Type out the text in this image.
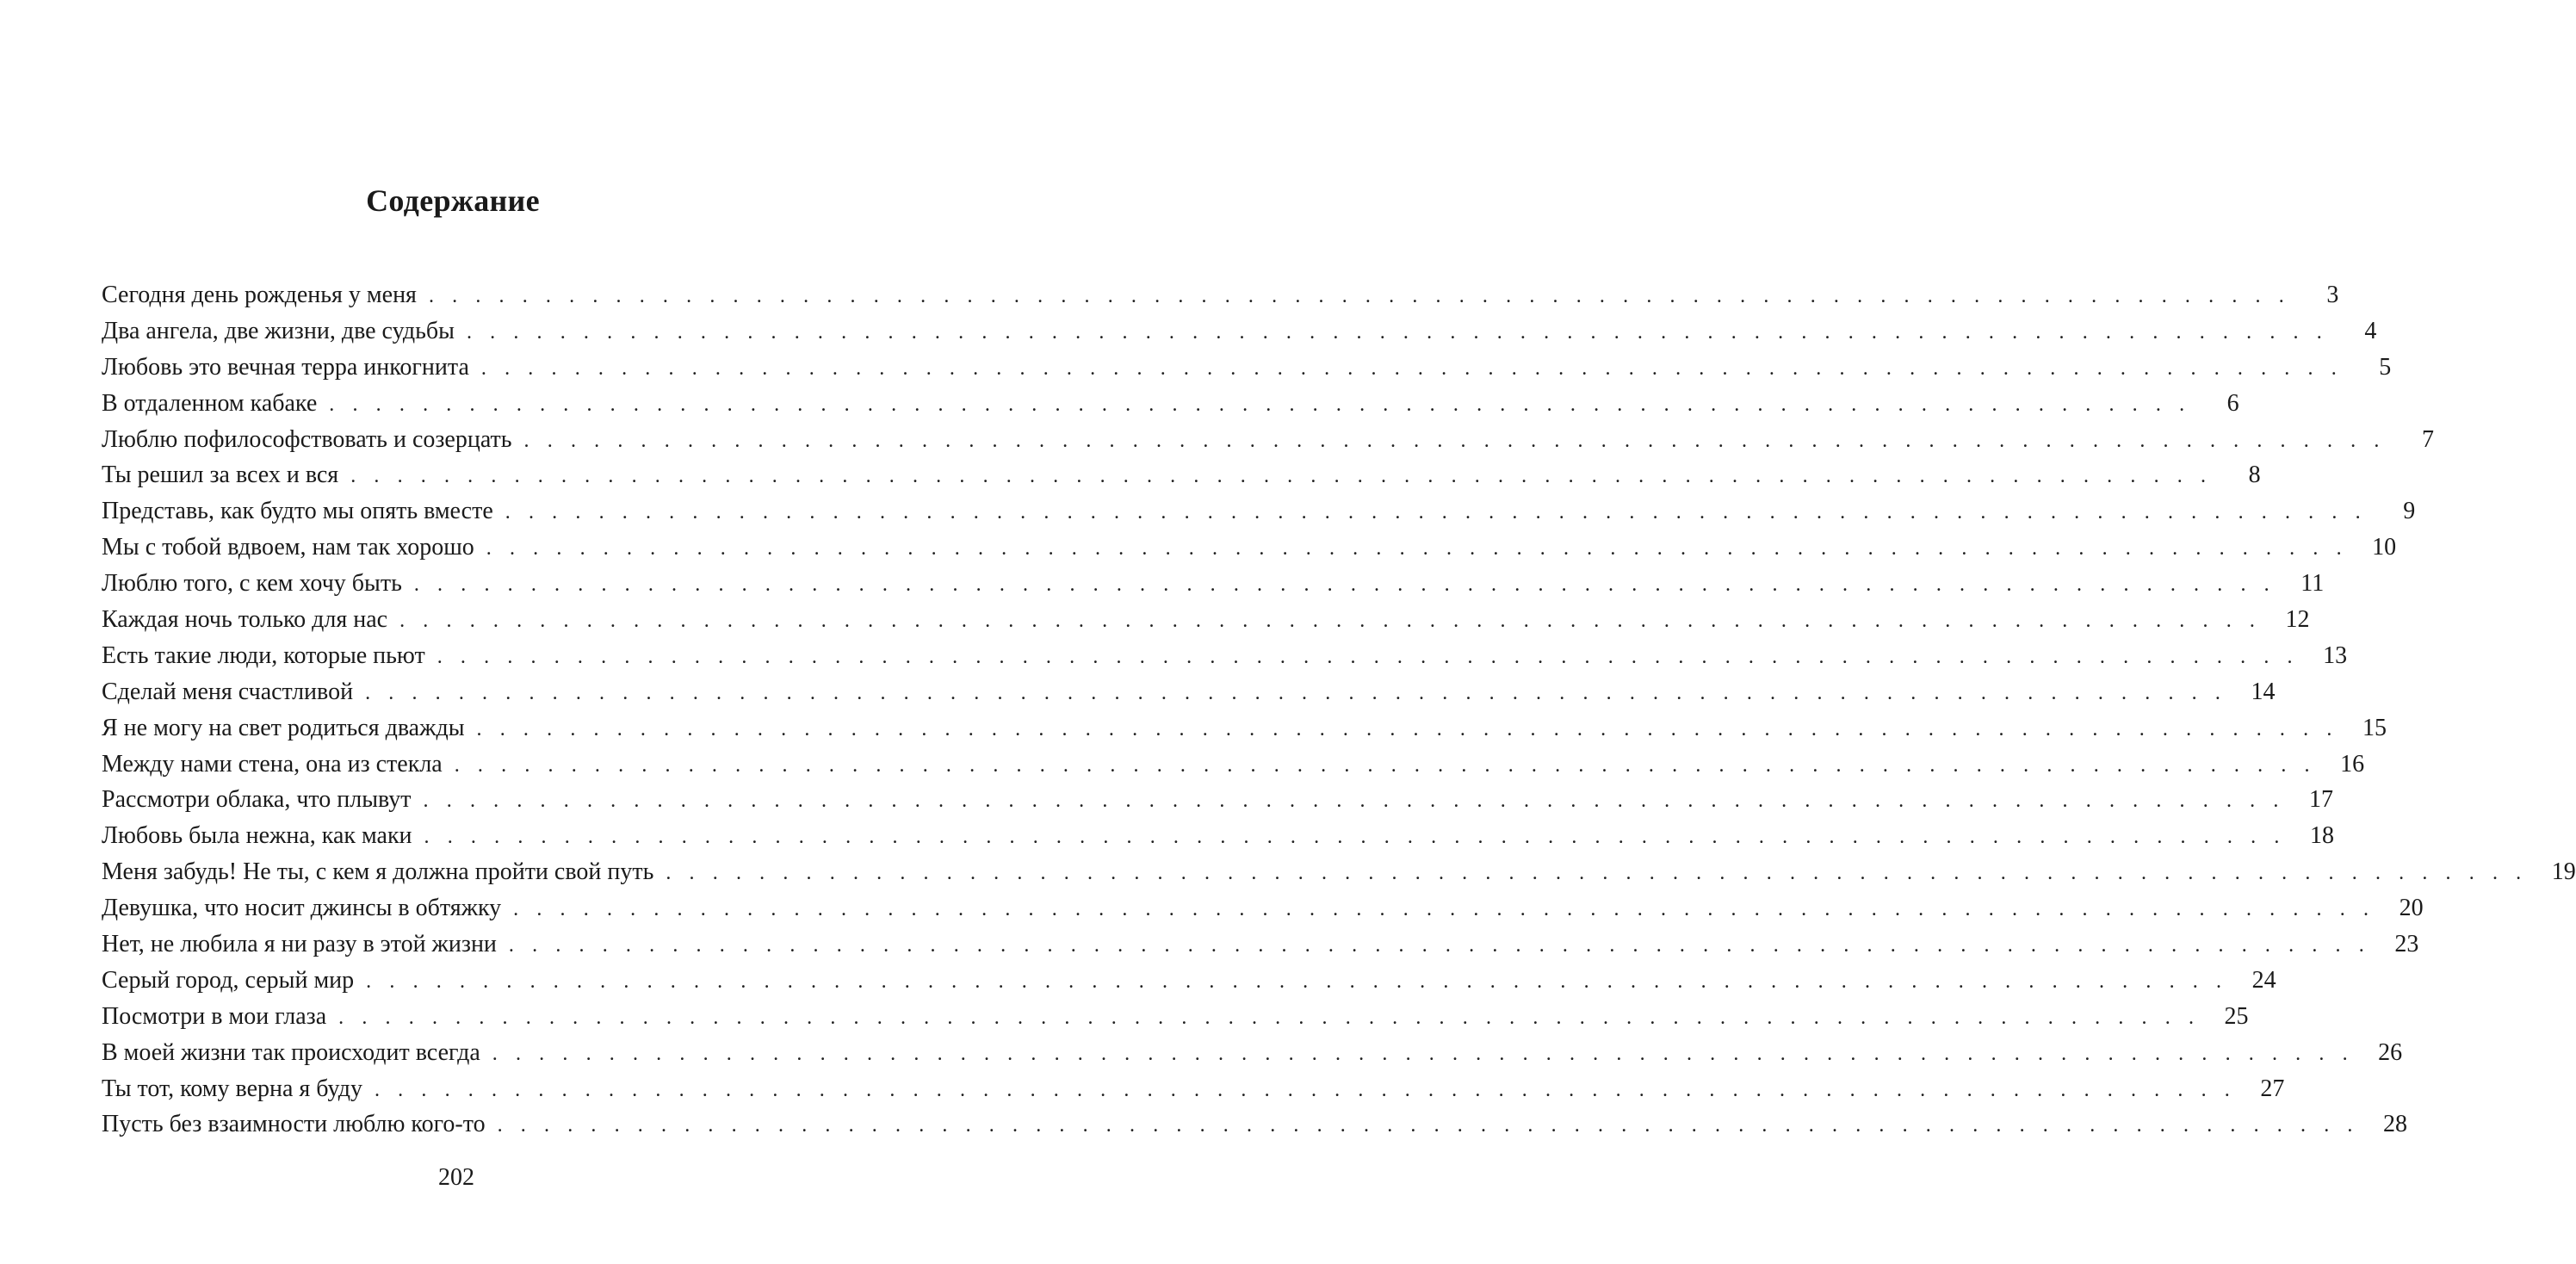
Содержание
Сегодня день рожденья у меня . . . . . . . . . . . . . . . . . . . . . . . . . . . . . . . . . . . . . . . . . . . . . . . . . . . . . . . . . . . . . . . . . . . . . . . . . . . . . . . .	3
Два ангела, две жизни, две судьбы . . . . . . . . . . . . . . . . . . . . . . . . . . . . . . . . . . . . . . . . . . . . . . . . . . . . . . . . . . . . . . . . . . . . . . . . . . . . . . . .	4
Любовь это вечная терра инкогнита . . . . . . . . . . . . . . . . . . . . . . . . . . . . . . . . . . . . . . . . . . . . . . . . . . . . . . . . . . . . . . . . . . . . . . . . . . . . . . . .	5
В отдаленном кабаке . . . . . . . . . . . . . . . . . . . . . . . . . . . . . . . . . . . . . . . . . . . . . . . . . . . . . . . . . . . . . . . . . . . . . . . . . . . . . . . .	6
Люблю пофилософствовать и созерцать . . . . . . . . . . . . . . . . . . . . . . . . . . . . . . . . . . . . . . . . . . . . . . . . . . . . . . . . . . . . . . . . . . . . . . . . . . . . . . . .	7
Ты решил за всех и вся . . . . . . . . . . . . . . . . . . . . . . . . . . . . . . . . . . . . . . . . . . . . . . . . . . . . . . . . . . . . . . . . . . . . . . . . . . . . . . . .	8
Представь, как будто мы опять вместе . . . . . . . . . . . . . . . . . . . . . . . . . . . . . . . . . . . . . . . . . . . . . . . . . . . . . . . . . . . . . . . . . . . . . . . . . . . . . . . .	9
Мы с тобой вдвоем, нам так хорошо . . . . . . . . . . . . . . . . . . . . . . . . . . . . . . . . . . . . . . . . . . . . . . . . . . . . . . . . . . . . . . . . . . . . . . . . . . . . . . . .	10
Люблю того, с кем хочу быть . . . . . . . . . . . . . . . . . . . . . . . . . . . . . . . . . . . . . . . . . . . . . . . . . . . . . . . . . . . . . . . . . . . . . . . . . . . . . . . .	11
Каждая ночь только для нас . . . . . . . . . . . . . . . . . . . . . . . . . . . . . . . . . . . . . . . . . . . . . . . . . . . . . . . . . . . . . . . . . . . . . . . . . . . . . . . .	12
Есть такие люди, которые пьют . . . . . . . . . . . . . . . . . . . . . . . . . . . . . . . . . . . . . . . . . . . . . . . . . . . . . . . . . . . . . . . . . . . . . . . . . . . . . . . .	13
Сделай меня счастливой . . . . . . . . . . . . . . . . . . . . . . . . . . . . . . . . . . . . . . . . . . . . . . . . . . . . . . . . . . . . . . . . . . . . . . . . . . . . . . . .	14
Я не могу на свет родиться дважды . . . . . . . . . . . . . . . . . . . . . . . . . . . . . . . . . . . . . . . . . . . . . . . . . . . . . . . . . . . . . . . . . . . . . . . . . . . . . . . .	15
Между нами стена, она из стекла . . . . . . . . . . . . . . . . . . . . . . . . . . . . . . . . . . . . . . . . . . . . . . . . . . . . . . . . . . . . . . . . . . . . . . . . . . . . . . . .	16
Рассмотри облака, что плывут . . . . . . . . . . . . . . . . . . . . . . . . . . . . . . . . . . . . . . . . . . . . . . . . . . . . . . . . . . . . . . . . . . . . . . . . . . . . . . . .	17
Любовь была нежна, как маки . . . . . . . . . . . . . . . . . . . . . . . . . . . . . . . . . . . . . . . . . . . . . . . . . . . . . . . . . . . . . . . . . . . . . . . . . . . . . . . .	18
Меня забудь! Не ты, с кем я должна пройти свой путь . . . . . . . . . . . . . . . . . . . . . . . . . . . . . . . . . . . . . . . . . . . . . . . . . . . . . . . . . . . . . . . . . . . . . . . . . . . . . . . .	19
Девушка, что носит джинсы в обтяжку . . . . . . . . . . . . . . . . . . . . . . . . . . . . . . . . . . . . . . . . . . . . . . . . . . . . . . . . . . . . . . . . . . . . . . . . . . . . . . . .	20
Нет, не любила я ни разу в этой жизни . . . . . . . . . . . . . . . . . . . . . . . . . . . . . . . . . . . . . . . . . . . . . . . . . . . . . . . . . . . . . . . . . . . . . . . . . . . . . . . .	23
Серый город, серый мир . . . . . . . . . . . . . . . . . . . . . . . . . . . . . . . . . . . . . . . . . . . . . . . . . . . . . . . . . . . . . . . . . . . . . . . . . . . . . . . .	24
Посмотри в мои глаза . . . . . . . . . . . . . . . . . . . . . . . . . . . . . . . . . . . . . . . . . . . . . . . . . . . . . . . . . . . . . . . . . . . . . . . . . . . . . . . .	25
В моей жизни так происходит всегда . . . . . . . . . . . . . . . . . . . . . . . . . . . . . . . . . . . . . . . . . . . . . . . . . . . . . . . . . . . . . . . . . . . . . . . . . . . . . . . .	26
Ты тот, кому верна я буду . . . . . . . . . . . . . . . . . . . . . . . . . . . . . . . . . . . . . . . . . . . . . . . . . . . . . . . . . . . . . . . . . . . . . . . . . . . . . . . .	27
Пусть без взаимности люблю кого-то . . . . . . . . . . . . . . . . . . . . . . . . . . . . . . . . . . . . . . . . . . . . . . . . . . . . . . . . . . . . . . . . . . . . . . . . . . . . . . . .	28
202
